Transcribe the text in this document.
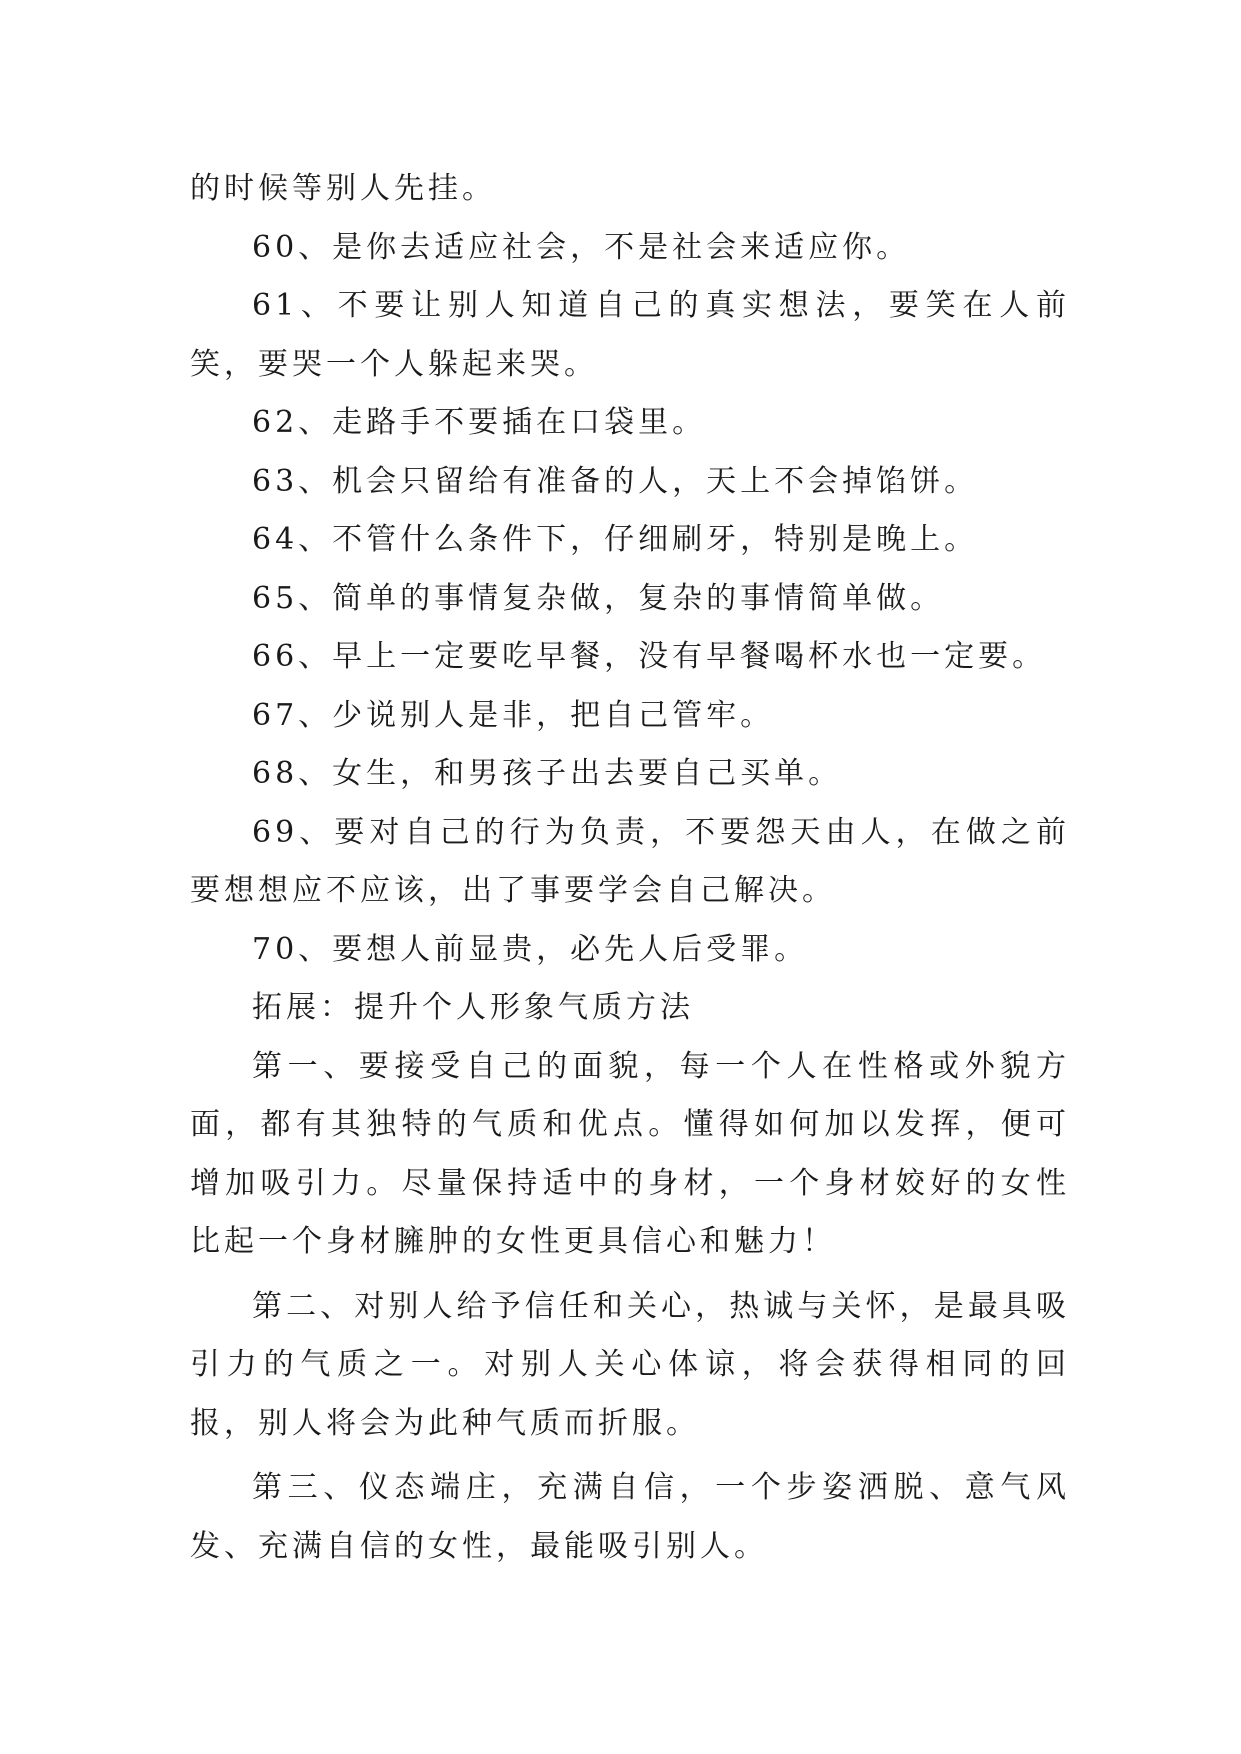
的时候等别人先挂。

60、是你去适应社会，不是社会来适应你。

61、不要让别人知道自己的真实想法，要笑在人前笑，要哭一个人躲起来哭。

62、走路手不要插在口袋里。

63、机会只留给有准备的人，天上不会掉馅饼。

64、不管什么条件下，仔细刷牙，特别是晚上。

65、简单的事情复杂做，复杂的事情简单做。

66、早上一定要吃早餐，没有早餐喝杯水也一定要。

67、少说别人是非，把自己管牢。

68、女生，和男孩子出去要自己买单。

69、要对自己的行为负责，不要怨天由人，在做之前要想想应不应该，出了事要学会自己解决。

70、要想人前显贵，必先人后受罪。

拓展：提升个人形象气质方法

第一、要接受自己的面貌，每一个人在性格或外貌方面，都有其独特的气质和优点。懂得如何加以发挥，便可增加吸引力。尽量保持适中的身材，一个身材姣好的女性比起一个身材臃肿的女性更具信心和魅力！

第二、对别人给予信任和关心，热诚与关怀，是最具吸引力的气质之一。对别人关心体谅，将会获得相同的回报，别人将会为此种气质而折服。

第三、仪态端庄，充满自信，一个步姿洒脱、意气风发、充满自信的女性，最能吸引别人。
